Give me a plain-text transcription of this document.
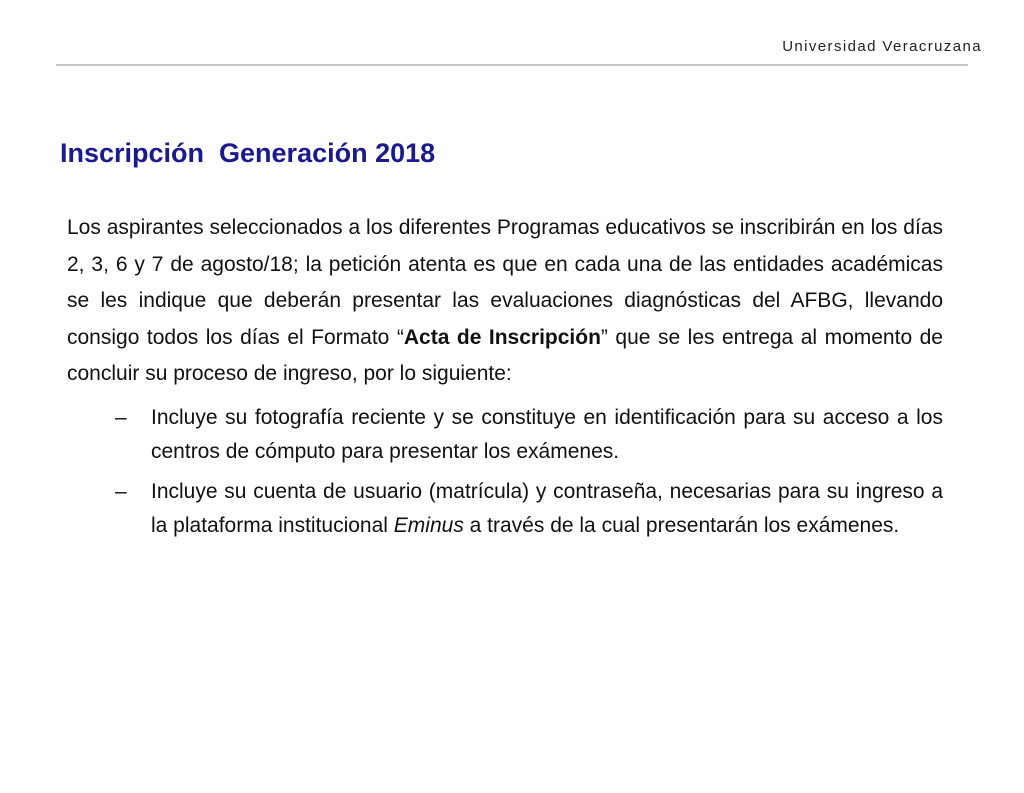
Universidad Veracruzana
Inscripción  Generación 2018

Los aspirantes seleccionados a los diferentes Programas educativos se inscribirán en los días 2, 3, 6 y 7 de agosto/18; la petición atenta es que en cada una de las entidades académicas se les indique que deberán presentar las evaluaciones diagnósticas del AFBG, llevando consigo todos los días el Formato “Acta de Inscripción” que se les entrega al momento de concluir su proceso de ingreso, por lo siguiente:

– Incluye su fotografía reciente y se constituye en identificación para su acceso a los centros de cómputo para presentar los exámenes.
– Incluye su cuenta de usuario (matrícula) y contraseña, necesarias para su ingreso a la plataforma institucional Eminus a través de la cual presentarán los exámenes.
